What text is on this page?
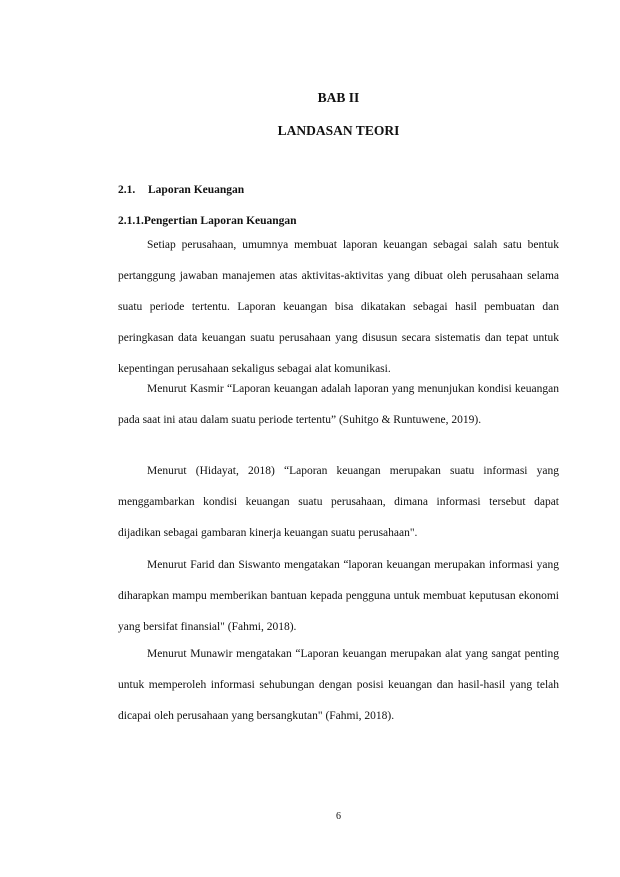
BAB II
LANDASAN TEORI
2.1. Laporan Keuangan
2.1.1.Pengertian Laporan Keuangan

Setiap perusahaan, umumnya membuat laporan keuangan sebagai salah satu bentuk pertanggung jawaban manajemen atas aktivitas-aktivitas yang dibuat oleh perusahaan selama suatu periode tertentu. Laporan keuangan bisa dikatakan sebagai hasil pembuatan dan peringkasan data keuangan suatu perusahaan yang disusun secara sistematis dan tepat untuk kepentingan perusahaan sekaligus sebagai alat komunikasi.

Menurut Kasmir “Laporan keuangan adalah laporan yang menunjukan kondisi keuangan pada saat ini atau dalam suatu periode tertentu” (Suhitgo & Runtuwene, 2019).

Menurut (Hidayat, 2018) “Laporan keuangan merupakan suatu informasi yang menggambarkan kondisi keuangan suatu perusahaan, dimana informasi tersebut dapat dijadikan sebagai gambaran kinerja keuangan suatu perusahaan".

Menurut Farid dan Siswanto mengatakan “laporan keuangan merupakan informasi yang diharapkan mampu memberikan bantuan kepada pengguna untuk membuat keputusan ekonomi yang bersifat finansial" (Fahmi, 2018).

Menurut Munawir mengatakan “Laporan keuangan merupakan alat yang sangat penting untuk memperoleh informasi sehubungan dengan posisi keuangan dan hasil-hasil yang telah dicapai oleh perusahaan yang bersangkutan" (Fahmi, 2018).

6
